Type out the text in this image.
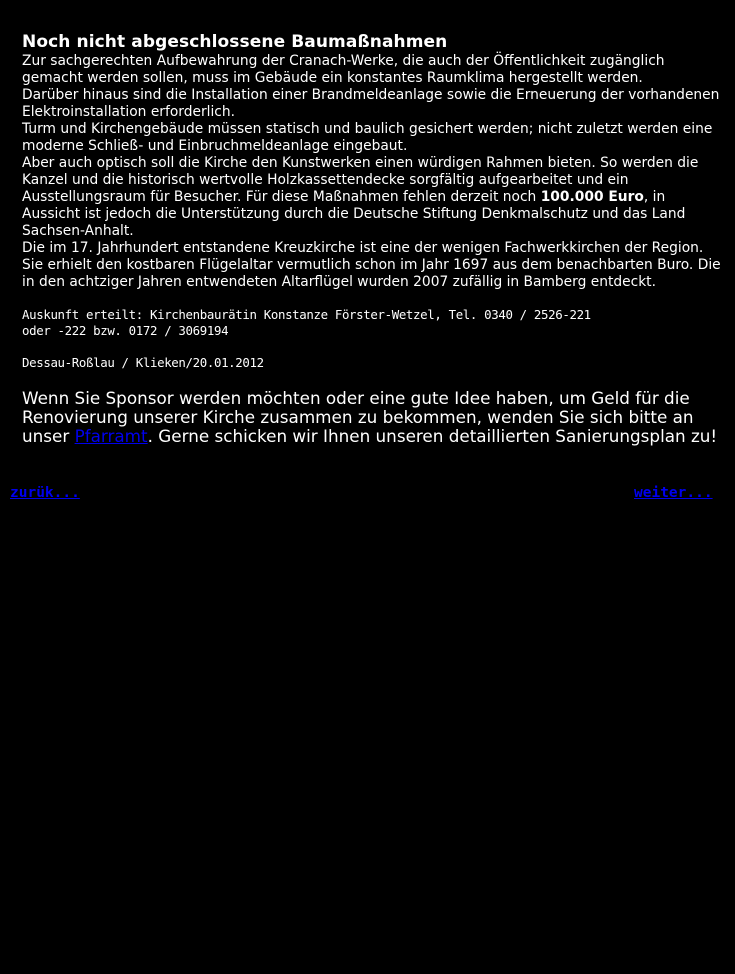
Noch nicht abgeschlossene Baumaßnahmen

Zur sachgerechten Aufbewahrung der Cranach-Werke, die auch der Öffentlichkeit zugänglich gemacht werden sollen, muss im Gebäude ein konstantes Raumklima hergestellt werden.

Darüber hinaus sind die Installation einer Brandmeldeanlage sowie die Erneuerung der vorhandenen Elektroinstallation erforderlich.

Turm und Kirchengebäude müssen statisch und baulich gesichert werden; nicht zuletzt werden eine moderne Schließ- und Einbruchmeldeanlage eingebaut.

Aber auch optisch soll die Kirche den Kunstwerken einen würdigen Rahmen bieten. So werden die Kanzel und die historisch wertvolle Holzkassettendecke sorgfältig aufgearbeitet und ein Ausstellungsraum für Besucher. Für diese Maßnahmen fehlen derzeit noch 100.000 Euro, in Aussicht ist jedoch die Unterstützung durch die Deutsche Stiftung Denkmalschutz und das Land Sachsen-Anhalt.

Die im 17. Jahrhundert entstandene Kreuzkirche ist eine der wenigen Fachwerkkirchen der Region. Sie erhielt den kostbaren Flügelaltar vermutlich schon im Jahr 1697 aus dem benachbarten Buro. Die in den achtziger Jahren entwendeten Altarflügel wurden 2007 zufällig in Bamberg entdeckt.

Auskunft erteilt: Kirchenbaurätin Konstanze Förster-Wetzel, Tel. 0340 / 2526-221
oder -222 bzw. 0172 / 3069194
Dessau-Roßlau / Klieken/20.01.2012

Wenn Sie Sponsor werden möchten oder eine gute Idee haben, um Geld für die Renovierung unserer Kirche zusammen zu bekommen, wenden Sie sich bitte an unser Pfarramt. Gerne schicken wir Ihnen unseren detaillierten Sanierungsplan zu!

zurük...	weiter...
